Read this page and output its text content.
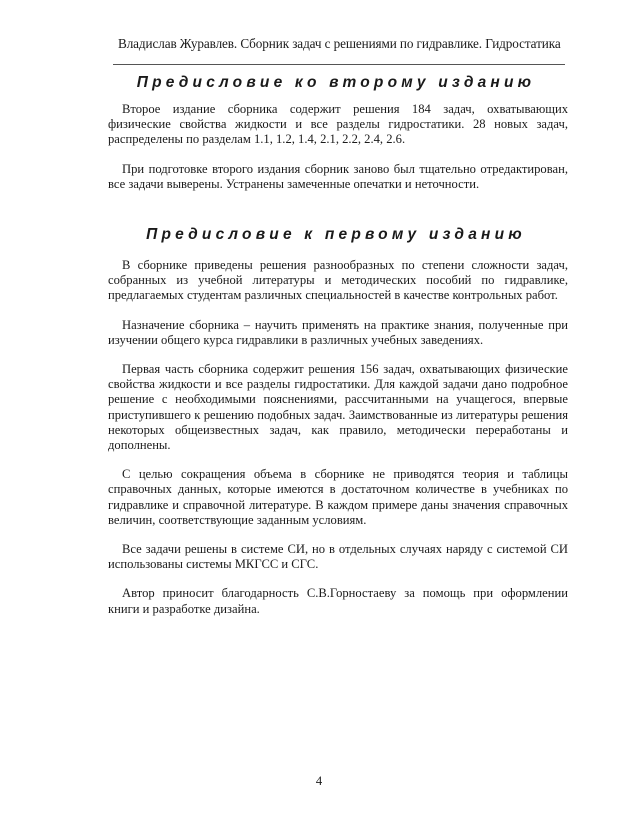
Владислав Журавлев. Сборник задач с решениями по гидравлике. Гидростатика
Предисловие ко второму изданию

Второе издание сборника содержит решения 184 задач, охватывающих физические свойства жидкости и все разделы гидростатики. 28 новых задач, распределены по разделам 1.1, 1.2, 1.4, 2.1, 2.2, 2.4, 2.6.

При подготовке второго издания сборник заново был тщательно отредактирован, все задачи выверены. Устранены замеченные опечатки и неточности.

Предисловие к первому изданию

В сборнике приведены решения разнообразных по степени сложности задач, собранных из учебной литературы и методических пособий по гидравлике, предлагаемых студентам различных специальностей в качестве контрольных работ.

Назначение сборника – научить применять на практике знания, полученные при изучении общего курса гидравлики в различных учебных заведениях.

Первая часть сборника содержит решения 156 задач, охватывающих физические свойства жидкости и все разделы гидростатики. Для каждой задачи дано подробное решение с необходимыми пояснениями, рассчитанными на учащегося, впервые приступившего к решению подобных задач. Заимствованные из литературы решения некоторых общеизвестных задач, как правило, методически переработаны и дополнены.

С целью сокращения объема в сборнике не приводятся теория и таблицы справочных данных, которые имеются в достаточном количестве в учебниках по гидравлике и справочной литературе. В каждом примере даны значения справочных величин, соответствующие заданным условиям.

Все задачи решены в системе СИ, но в отдельных случаях наряду с системой СИ использованы системы МКГСС и СГС.

Автор приносит благодарность С.В.Горностаеву за помощь при оформлении книги и разработке дизайна.

4
